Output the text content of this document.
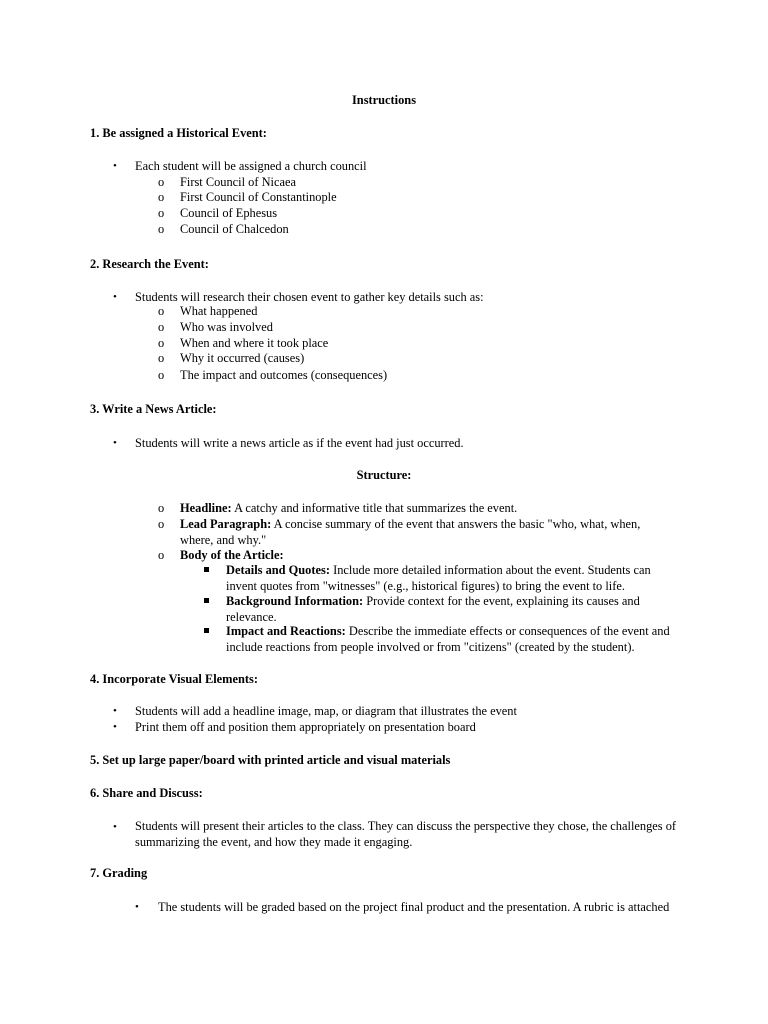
Instructions
1. Be assigned a Historical Event:
• Each student will be assigned a church council
o First Council of Nicaea
o First Council of Constantinople
o Council of Ephesus
o Council of Chalcedon
2. Research the Event:
• Students will research their chosen event to gather key details such as:
o What happened
o Who was involved
o When and where it took place
o Why it occurred (causes)
o The impact and outcomes (consequences)
3. Write a News Article:
• Students will write a news article as if the event had just occurred.
Structure:
o Headline: A catchy and informative title that summarizes the event.
o Lead Paragraph: A concise summary of the event that answers the basic "who, what, when, where, and why."
o Body of the Article:
Details and Quotes: Include more detailed information about the event. Students can invent quotes from "witnesses" (e.g., historical figures) to bring the event to life.
Background Information: Provide context for the event, explaining its causes and relevance.
Impact and Reactions: Describe the immediate effects or consequences of the event and include reactions from people involved or from "citizens" (created by the student).
4. Incorporate Visual Elements:
• Students will add a headline image, map, or diagram that illustrates the event
• Print them off and position them appropriately on presentation board
5. Set up large paper/board with printed article and visual materials
6. Share and Discuss:
• Students will present their articles to the class. They can discuss the perspective they chose, the challenges of summarizing the event, and how they made it engaging.
7. Grading
• The students will be graded based on the project final product and the presentation. A rubric is attached
